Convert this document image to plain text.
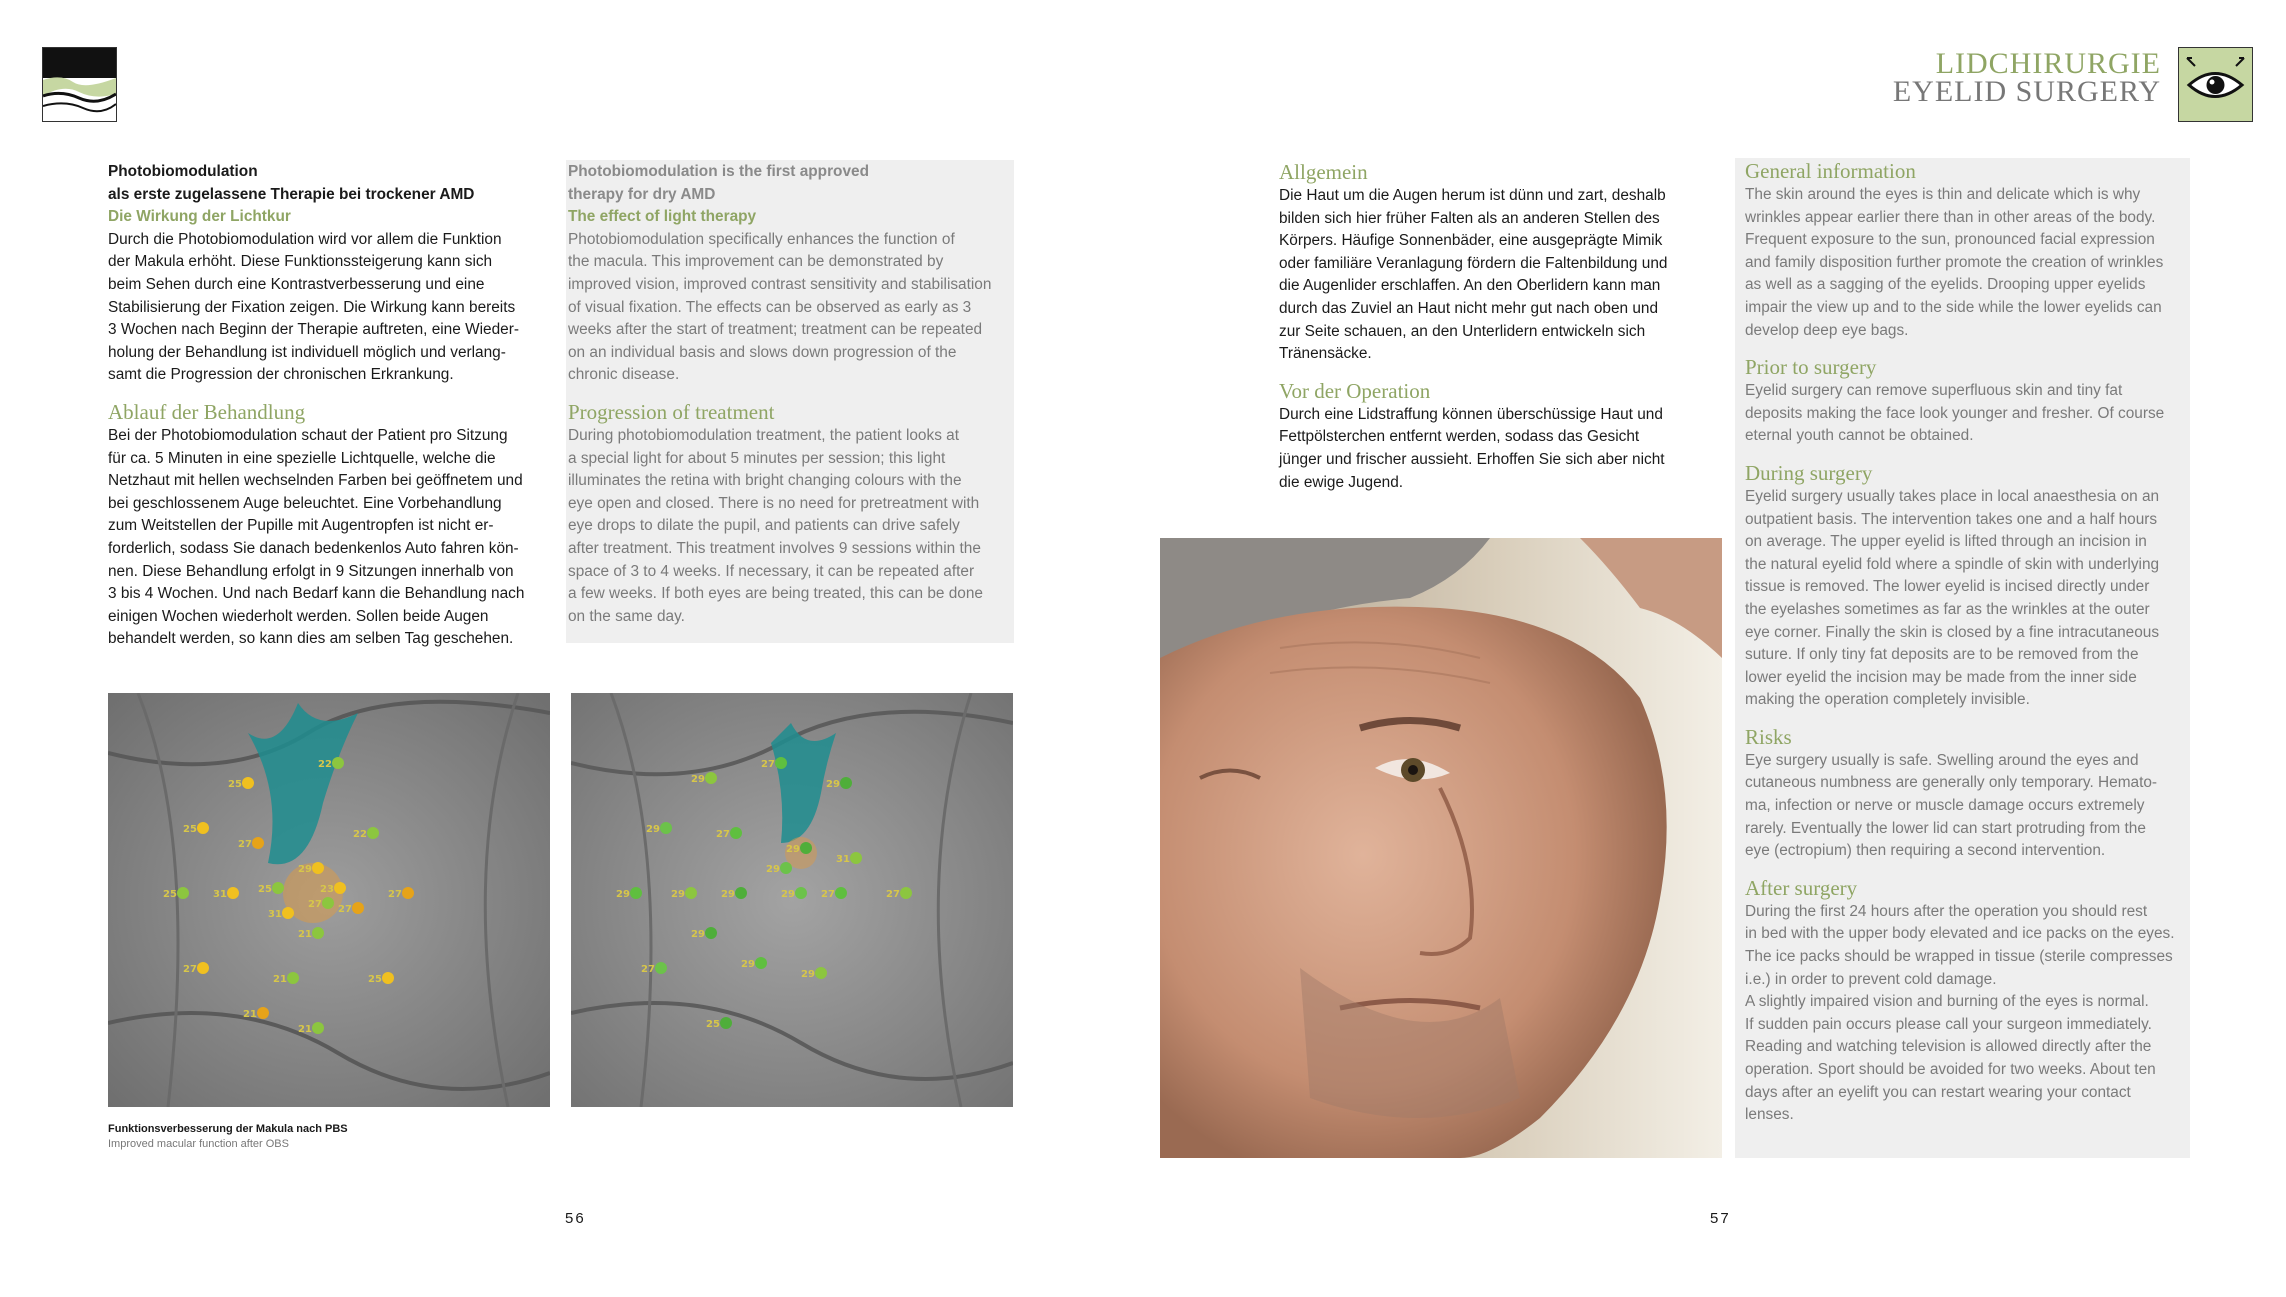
LIDCHIRURGIE
EYELID SURGERY

Photobiomodulation

als erste zugelassene Therapie bei trockener AMD

Die Wirkung der Lichtkur

Durch die Photobiomodulation wird vor allem die Funktion
der Makula erhöht. Diese Funktionssteigerung kann sich
beim Sehen durch eine Kontrastverbesserung und eine
Stabilisierung der Fixation zeigen. Die Wirkung kann bereits
3 Wochen nach Beginn der Therapie auftreten, eine Wieder-
holung der Behandlung ist individuell möglich und verlang-
samt die Progression der chronischen Erkrankung.
Ablauf der Behandlung
Bei der Photobiomodulation schaut der Patient pro Sitzung
für ca. 5 Minuten in eine spezielle Lichtquelle, welche die
Netzhaut mit hellen wechselnden Farben bei geöffnetem und
bei geschlossenem Auge beleuchtet. Eine Vorbehandlung
zum Weitstellen der Pupille mit Augentropfen ist nicht er-
forderlich, sodass Sie danach bedenkenlos Auto fahren kön-
nen. Diese Behandlung erfolgt in 9 Sitzungen innerhalb von
3 bis 4 Wochen. Und nach Bedarf kann die Behandlung nach
einigen Wochen wiederholt werden. Sollen beide Augen
behandelt werden, so kann dies am selben Tag geschehen.

Photobiomodulation is the first approved

therapy for dry AMD

The effect of light therapy

Photobiomodulation specifically enhances the function of
the macula. This improvement can be demonstrated by
improved vision, improved contrast sensitivity and stabilisation
of visual fixation. The effects can be observed as early as 3
weeks after the start of treatment; treatment can be repeated
on an individual basis and slows down progression of the
chronic disease.
Progression of treatment
During photobiomodulation treatment, the patient looks at
a special light for about 5 minutes per session; this light
illuminates the retina with bright changing colours with the
eye open and closed. There is no need for pretreatment with
eye drops to dilate the pupil, and patients can drive safely
after treatment. This treatment involves 9 sessions within the
space of 3 to 4 weeks. If necessary, it can be repeated after
a few weeks. If both eyes are being treated, this can be done
on the same day.
25
22
25
27
22
29
25	31	27
25	23
27
31	27
21
27
21	25
21
21
27
29	29
29	27
31
29
29
29	29	29	29	27	27
29
27	29
29
25
Funktionsverbesserung der Makula nach PBS
Improved macular function after OBS
56
Allgemein
Die Haut um die Augen herum ist dünn und zart, deshalb
bilden sich hier früher Falten als an anderen Stellen des
Körpers. Häufige Sonnenbäder, eine ausgeprägte Mimik
oder familiäre Veranlagung fördern die Faltenbildung und
die Augenlider erschlaffen. An den Oberlidern kann man
durch das Zuviel an Haut nicht mehr gut nach oben und
zur Seite schauen, an den Unterlidern entwickeln sich
Tränensäcke.
Vor der Operation
Durch eine Lidstraffung können überschüssige Haut und
Fettpölsterchen entfernt werden, sodass das Gesicht
jünger und frischer aussieht. Erhoffen Sie sich aber nicht
die ewige Jugend.
General information
The skin around the eyes is thin and delicate which is why
wrinkles appear earlier there than in other areas of the body.
Frequent exposure to the sun, pronounced facial expression
and family disposition further promote the creation of wrinkles
as well as a sagging of the eyelids. Drooping upper eyelids
impair the view up and to the side while the lower eyelids can
develop deep eye bags.
Prior to surgery
Eyelid surgery can remove superfluous skin and tiny fat
deposits making the face look younger and fresher. Of course
eternal youth cannot be obtained.
During surgery
Eyelid surgery usually takes place in local anaesthesia on an
outpatient basis. The intervention takes one and a half hours
on average. The upper eyelid is lifted through an incision in
the natural eyelid fold where a spindle of skin with underlying
tissue is removed. The lower eyelid is incised directly under
the eyelashes sometimes as far as the wrinkles at the outer
eye corner. Finally the skin is closed by a fine intracutaneous
suture. If only tiny fat deposits are to be removed from the
lower eyelid the incision may be made from the inner side
making the operation completely invisible.
Risks
Eye surgery usually is safe. Swelling around the eyes and
cutaneous numbness are generally only temporary. Hemato-
ma, infection or nerve or muscle damage occurs extremely
rarely. Eventually the lower lid can start protruding from the
eye (ectropium) then requiring a second intervention.
After surgery
During the first 24 hours after the operation you should rest
in bed with the upper body elevated and ice packs on the eyes.
The ice packs should be wrapped in tissue (sterile compresses
i.e.) in order to prevent cold damage.
A slightly impaired vision and burning of the eyes is normal.
If sudden pain occurs please call your surgeon immediately.
Reading and watching television is allowed directly after the
operation. Sport should be avoided for two weeks. About ten
days after an eyelift you can restart wearing your contact
lenses.
57
